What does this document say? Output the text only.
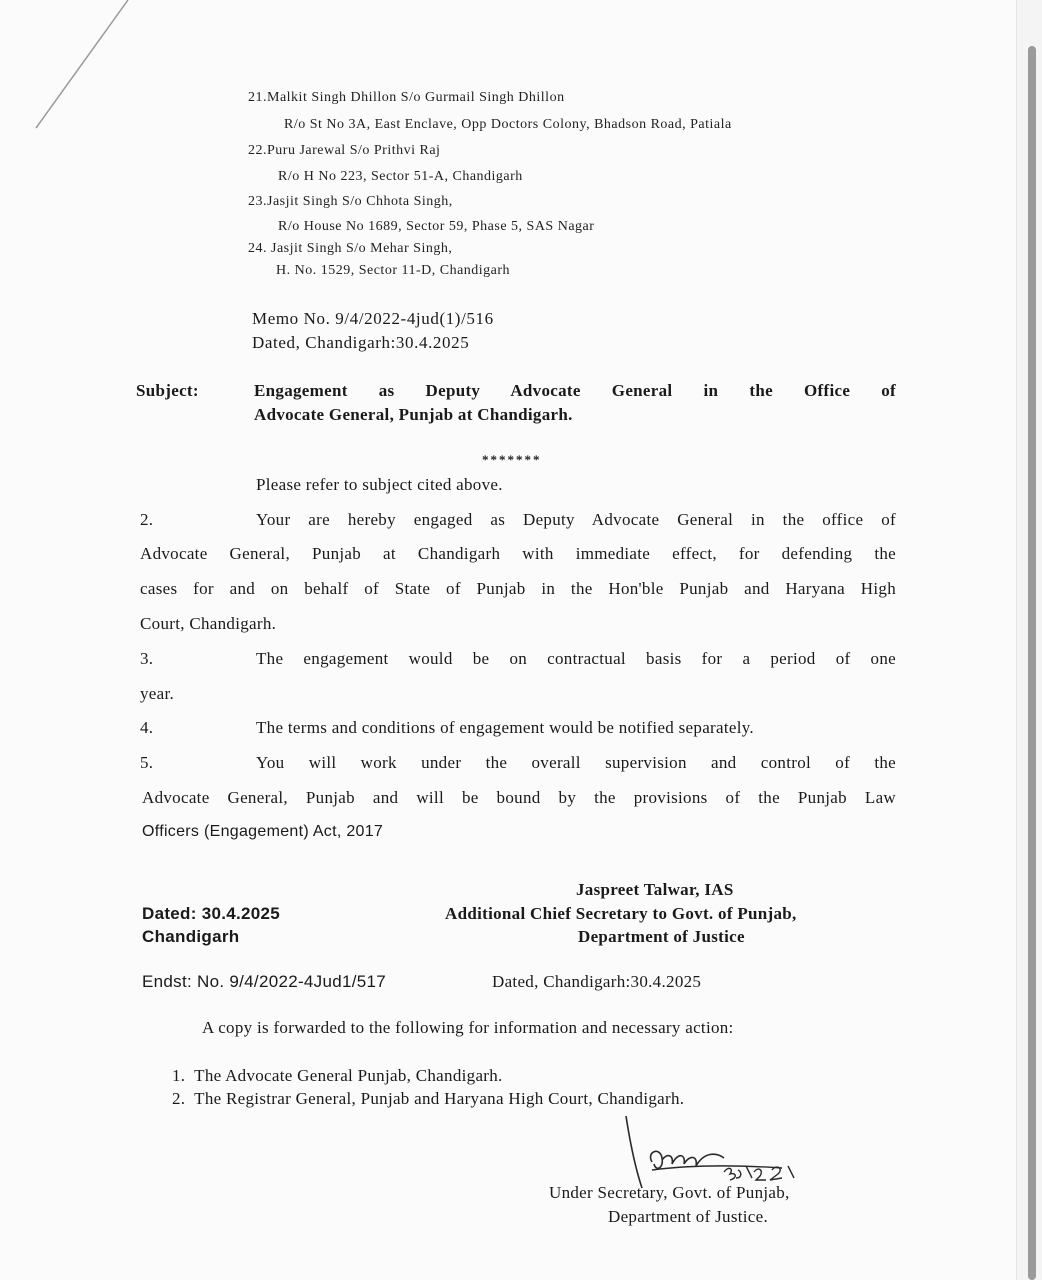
21.Malkit Singh Dhillon S/o Gurmail Singh Dhillon
R/o St No 3A, East Enclave, Opp Doctors Colony, Bhadson Road, Patiala
22.Puru Jarewal S/o Prithvi Raj
R/o H No 223, Sector 51-A, Chandigarh
23.Jasjit Singh S/o Chhota Singh,
R/o House No 1689, Sector 59, Phase 5, SAS Nagar
24. Jasjit Singh S/o Mehar Singh,
H. No. 1529, Sector 11-D, Chandigarh
Memo No. 9/4/2022-4jud(1)/516
Dated, Chandigarh:30.4.2025
Subject:	Engagement as Deputy Advocate General in the Office of
Advocate General, Punjab at Chandigarh.
*******
Please refer to subject cited above.
2.	Your are hereby engaged as Deputy Advocate General in the office of
Advocate General, Punjab at Chandigarh with immediate effect, for defending the
cases for and on behalf of State of Punjab in the Hon'ble Punjab and Haryana High
Court, Chandigarh.
3.	The engagement would be on contractual basis for a period of one
year.
4.	The terms and conditions of engagement would be notified separately.
5.	You will work under the overall supervision and control of the
Advocate General, Punjab and will be bound by the provisions of the Punjab Law
Officers (Engagement) Act, 2017
Jaspreet Talwar, IAS
Dated: 30.4.2025	Additional Chief Secretary to Govt. of Punjab,
Chandigarh	Department of Justice
Endst: No. 9/4/2022-4Jud1/517	Dated, Chandigarh:30.4.2025
A copy is forwarded to the following for information and necessary action:
1.  The Advocate General Punjab, Chandigarh.
2.  The Registrar General, Punjab and Haryana High Court, Chandigarh.
Under Secretary, Govt. of Punjab,
Department of Justice.
